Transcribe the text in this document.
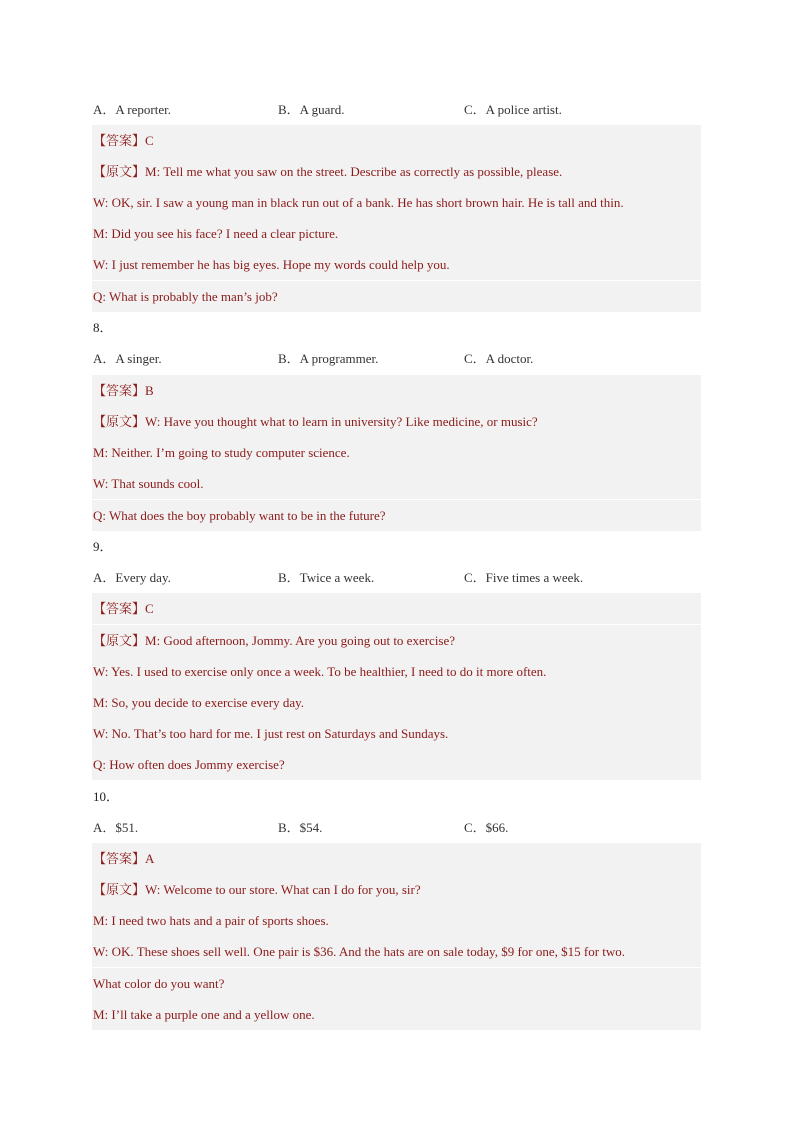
A．A reporter.	B．A guard.	C．A police artist.
【答案】C
【原文】M: Tell me what you saw on the street. Describe as correctly as possible, please.
W: OK, sir. I saw a young man in black run out of a bank. He has short brown hair. He is tall and thin.
M: Did you see his face? I need a clear picture.
W: I just remember he has big eyes. Hope my words could help you.
Q: What is probably the man’s job?
8．
A．A singer.	B．A programmer.	C．A doctor.
【答案】B
【原文】W: Have you thought what to learn in university? Like medicine, or music?
M: Neither. I’m going to study computer science.
W: That sounds cool.
Q: What does the boy probably want to be in the future?
9．
A．Every day.	B．Twice a week.	C．Five times a week.
【答案】C
【原文】M: Good afternoon, Jommy. Are you going out to exercise?
W: Yes. I used to exercise only once a week. To be healthier, I need to do it more often.
M: So, you decide to exercise every day.
W: No. That’s too hard for me. I just rest on Saturdays and Sundays.
Q: How often does Jommy exercise?
10．
A．$51.	B．$54.	C．$66.
【答案】A
【原文】W: Welcome to our store. What can I do for you, sir?
M: I need two hats and a pair of sports shoes.
W: OK. These shoes sell well. One pair is $36. And the hats are on sale today, $9 for one, $15 for two.
What color do you want?
M: I’ll take a purple one and a yellow one.
